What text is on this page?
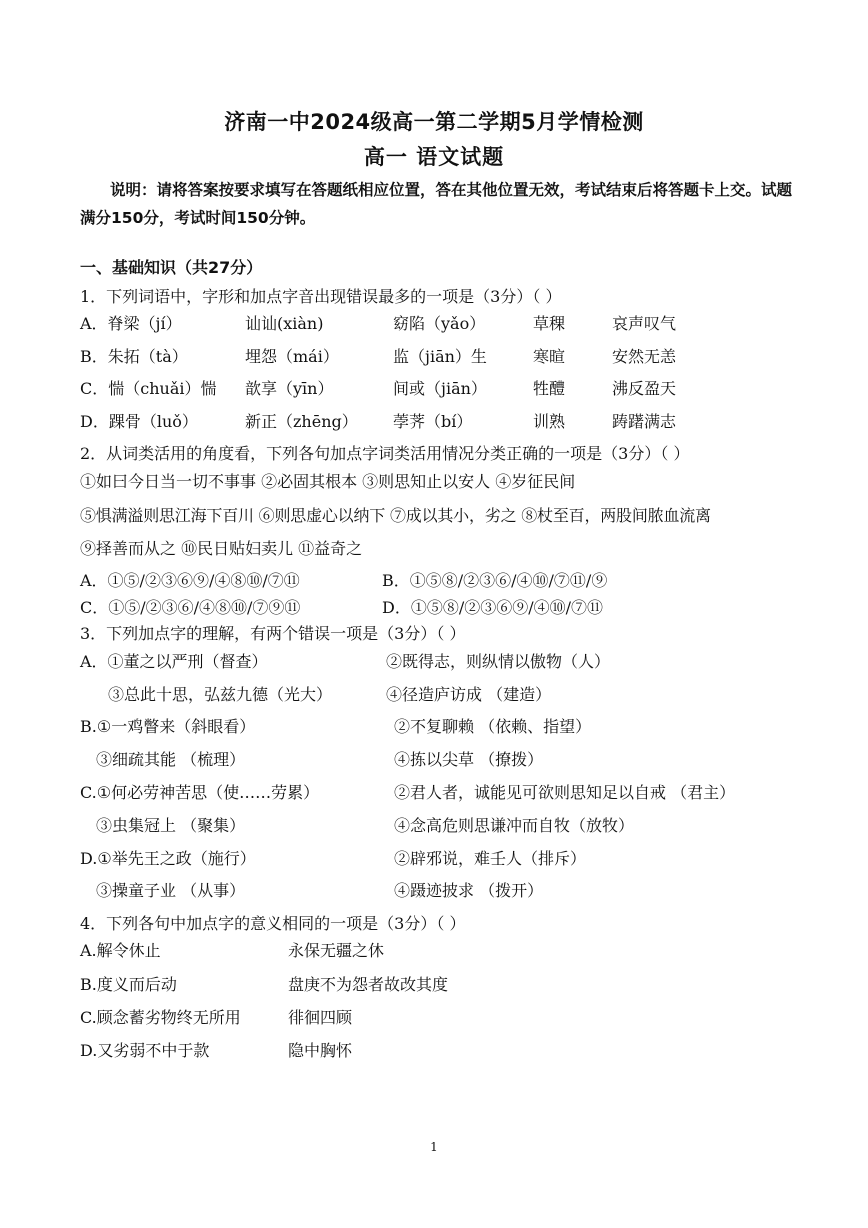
济南一中2024级高一第二学期5月学情检测
高一 语文试题
说明：请将答案按要求填写在答题纸相应位置，答在其他位置无效，考试结束后将答题卡上交。试题满分150分，考试时间150分钟。
一、基础知识（共27分）
1．下列词语中，字形和加点字音出现错误最多的一项是（3分）（ ）
A．脊梁（jí）	讪讪(xiàn)	窈陷（yǎo）	草稞	哀声叹气
B．朱拓（tà）	埋怨（mái）	监（jiān）生	寒暄	安然无恙
C．惴（chuǎi）惴 歆享（yīn）	间或（jiān）	牲醴	沸反盈天
D．踝骨（luǒ）	新正（zhēng） 荸荠（bí）	训熟	踌躇满志
2．从词类活用的角度看，下列各句加点字词类活用情况分类正确的一项是（3分）（ ）
①如曰今日当一切不事事 ②必固其根本 ③则思知止以安人 ④岁征民间
⑤惧满溢则思江海下百川 ⑥则思虚心以纳下 ⑦成以其小，劣之 ⑧杖至百，两股间脓血流离
⑨择善而从之 ⑩民日贴妇卖儿 ⑪益奇之
A．①⑤/②③⑥⑨/④⑧⑩/⑦⑪	B．①⑤⑧/②③⑥/④⑩/⑦⑪/⑨
C．①⑤/②③⑥/④⑧⑩/⑦⑨⑪	D．①⑤⑧/②③⑥⑨/④⑩/⑦⑪
3．下列加点字的理解，有两个错误一项是（3分）（ ）
A．①董之以严刑（督查）	②既得志，则纵情以傲物（人）
③总此十思，弘兹九德（光大）	④径造庐访成 （建造）
B.①一鸡瞥来（斜眼看）	②不复聊赖 （依赖、指望）
③细疏其能 （梳理）	④拣以尖草 （撩拨）
C.①何必劳神苦思（使……劳累）	②君人者，诚能见可欲则思知足以自戒 （君主）
③虫集冠上 （聚集）	④念高危则思谦冲而自牧（放牧）
D.①举先王之政（施行）	②辟邪说，难壬人（排斥）
③操童子业 （从事）	④蹑迹披求 （拨开）
4．下列各句中加点字的意义相同的一项是（3分）（ ）
A.解令休止	永保无疆之休
B.度义而后动	盘庚不为怨者故改其度
C.顾念蓄劣物终无所用	徘徊四顾
D.又劣弱不中于款	隐中胸怀
1
